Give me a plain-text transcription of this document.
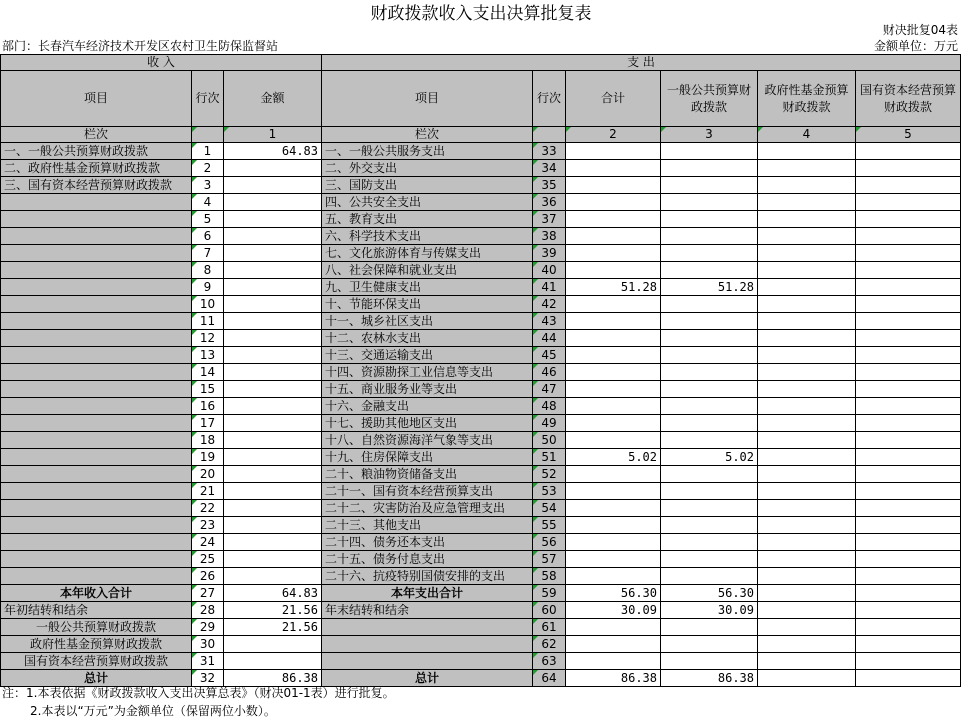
财政拨款收入支出决算批复表
财决批复04表
部门：长春汽车经济技术开发区农村卫生防保监督站	金额单位：万元
收 入			支 出					
项目	行次	金额	项目	行次	合计	一般公共预算财政拨款	政府性基金预算财政拨款	国有资本经营预算财政拨款
栏次		1	栏次		2	3	4	5
一、一般公共预算财政拨款	1	64.83	一、一般公共服务支出	33				
二、政府性基金预算财政拨款	2		二、外交支出	34				
三、国有资本经营预算财政拨款	3		三、国防支出	35				
	4		四、公共安全支出	36				
	5		五、教育支出	37				
	6		六、科学技术支出	38				
	7		七、文化旅游体育与传媒支出	39				
	8		八、社会保障和就业支出	40				
	9		九、卫生健康支出	41	51.28	51.28		
	10		十、节能环保支出	42				
	11		十一、城乡社区支出	43				
	12		十二、农林水支出	44				
	13		十三、交通运输支出	45				
	14		十四、资源勘探工业信息等支出	46				
	15		十五、商业服务业等支出	47				
	16		十六、金融支出	48				
	17		十七、援助其他地区支出	49				
	18		十八、自然资源海洋气象等支出	50				
	19		十九、住房保障支出	51	5.02	5.02		
	20		二十、粮油物资储备支出	52				
	21		二十一、国有资本经营预算支出	53				
	22		二十二、灾害防治及应急管理支出	54				
	23		二十三、其他支出	55				
	24		二十四、债务还本支出	56				
	25		二十五、债务付息支出	57				
	26		二十六、抗疫特别国债安排的支出	58				
本年收入合计	27	64.83	本年支出合计	59	56.30	56.30		
年初结转和结余	28	21.56	年末结转和结余	60	30.09	30.09		
一般公共预算财政拨款	29	21.56		61				
政府性基金预算财政拨款	30			62				
国有资本经营预算财政拨款	31			63				
总计	32	86.38	总计	64	86.38	86.38		
注：1.本表依据《财政拨款收入支出决算总表》（财决01-1表）进行批复。
2.本表以“万元”为金额单位（保留两位小数）。
